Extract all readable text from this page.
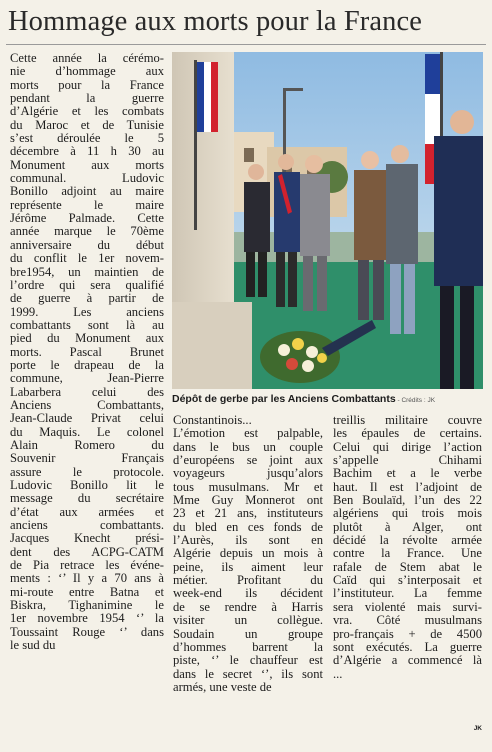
Hommage aux morts pour la France
Cette année la cérémo-
nie d’hommage aux
morts pour la France
pendant la guerre
d’Algérie et les combats
du Maroc et de Tunisie
s’est déroulée le 5
décembre à 11 h 30 au
Monument aux morts
communal. Ludovic
Bonillo adjoint au maire
représente le maire
Jérôme Palmade. Cette
année marque le 70ème
anniversaire du début
du conflit le 1er novem-
bre1954, un maintien de
l’ordre qui sera qualifié
de guerre à partir de
1999. Les anciens
combattants sont là au
pied du Monument aux
morts. Pascal Brunet
porte le drapeau de la
commune, Jean-Pierre
Labarbera celui des
Anciens Combattants,
Jean-Claude Privat celui
du Maquis. Le colonel
Alain Romero du
Souvenir Français
assure le protocole.
Ludovic Bonillo lit le
message du secrétaire
d’état aux armées et
anciens combattants.
Jacques Knecht prési-
dent des ACPG-CATM
de Pia retrace les événe-
ments : ‘’ Il y a 70 ans à
mi-route entre Batna et
Biskra, Tighanimine le
1er novembre 1954 ‘’ la
Toussaint Rouge ‘’ dans
le sud du
Dépôt de gerbe par les Anciens Combattants - Crédits : JK
Constantinois...
L’émotion est palpable,
dans le bus un couple
d’européens se joint aux
voyageurs jusqu’alors
tous musulmans. Mr et
Mme Guy Monnerot ont
23 et 21 ans, instituteurs
du bled en ces fonds de
l’Aurès, ils sont en
Algérie depuis un mois à
peine, ils aiment leur
métier. Profitant du
week-end ils décident
de se rendre à Harris
visiter un collègue.
Soudain un groupe
d’hommes barrent la
piste, ‘’ le chauffeur est
dans le secret ‘’, ils sont
armés, une veste de
treillis militaire couvre
les épaules de certains.
Celui qui dirige l’action
s’appelle Chihami
Bachim et a le verbe
haut. Il est l’adjoint de
Ben Boulaïd, l’un des 22
algériens qui trois mois
plutôt à Alger, ont
décidé la révolte armée
contre la France. Une
rafale de Stem abat le
Caïd qui s’interposait et
l’instituteur. La femme
sera violenté mais survi-
vra. Côté musulmans
pro-français + de 4500
sont exécutés. La guerre
d’Algérie a commencé là
...
JK
